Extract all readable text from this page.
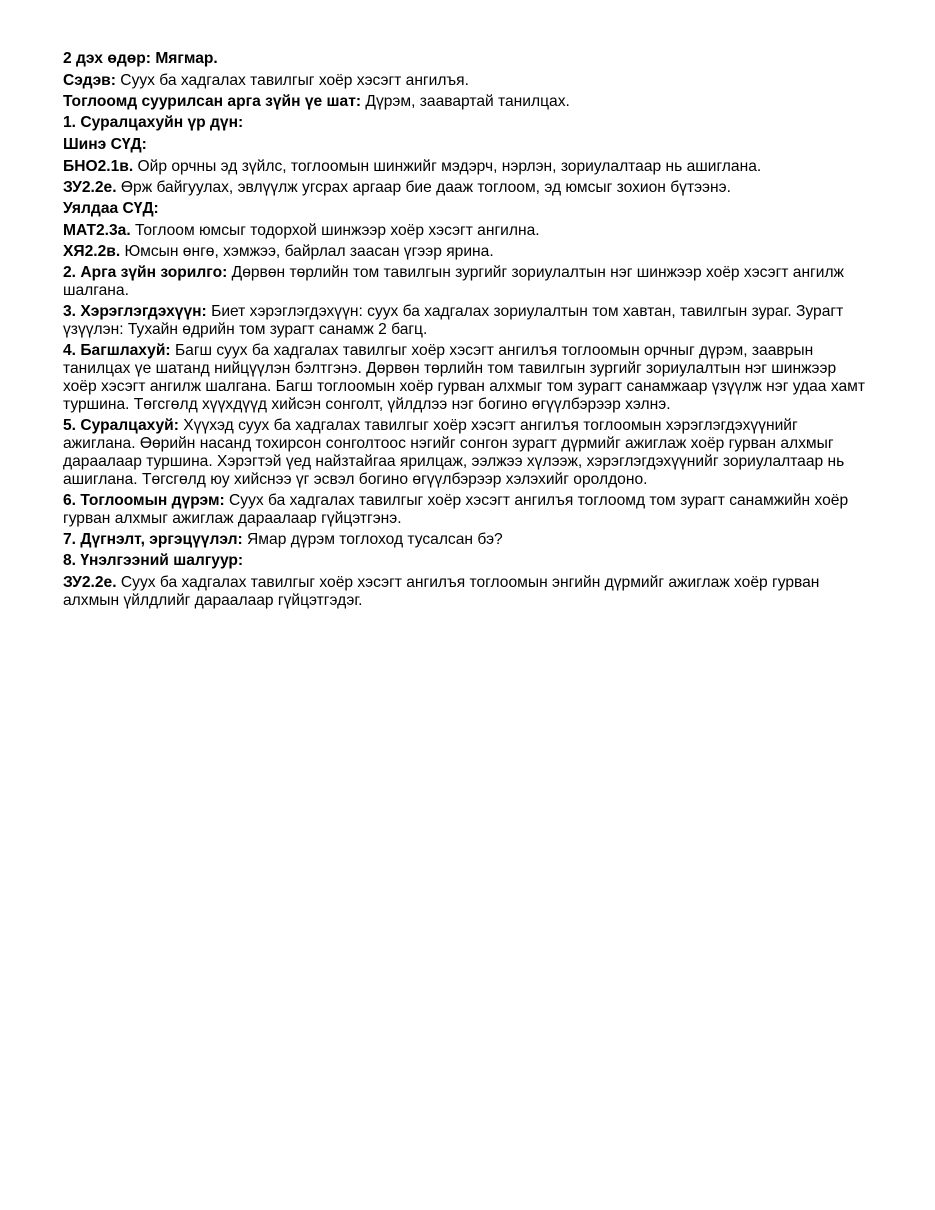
2 дэх өдөр: Мягмар.

Сэдэв: Суух ба хадгалах тавилгыг хоёр хэсэгт ангилъя.

Тоглоомд суурилсан арга зүйн үе шат: Дүрэм, заавартай танилцах.

1. Суралцахуйн үр дүн:

Шинэ СҮД:

БНО2.1в. Ойр орчны эд зүйлс, тоглоомын шинжийг мэдэрч, нэрлэн, зориулалтаар нь ашиглана.

ЗУ2.2е. Өрж байгуулах, эвлүүлж угсрах аргаар бие дааж тоглоом, эд юмсыг зохион бүтээнэ.

Уялдаа СҮД:

МАТ2.3а. Тоглоом юмсыг тодорхой шинжээр хоёр хэсэгт ангилна.

ХЯ2.2в. Юмсын өнгө, хэмжээ, байрлал заасан үгээр ярина.

2. Арга зүйн зорилго: Дөрвөн төрлийн том тавилгын зургийг зориулалтын нэг шинжээр хоёр хэсэгт ангилж шалгана.

3. Хэрэглэгдэхүүн: Биет хэрэглэгдэхүүн: суух ба хадгалах зориулалтын том хавтан, тавилгын зураг. Зурагт үзүүлэн: Тухайн өдрийн том зурагт санамж 2 багц.

4. Багшлахуй: Багш суух ба хадгалах тавилгыг хоёр хэсэгт ангилъя тоглоомын орчныг дүрэм, зааврын танилцах үе шатанд нийцүүлэн бэлтгэнэ. Дөрвөн төрлийн том тавилгын зургийг зориулалтын нэг шинжээр хоёр хэсэгт ангилж шалгана. Багш тоглоомын хоёр гурван алхмыг том зурагт санамжаар үзүүлж нэг удаа хамт туршина. Төгсгөлд хүүхдүүд хийсэн сонголт, үйлдлээ нэг богино өгүүлбэрээр хэлнэ.

5. Суралцахуй: Хүүхэд суух ба хадгалах тавилгыг хоёр хэсэгт ангилъя тоглоомын хэрэглэгдэхүүнийг ажиглана. Өөрийн насанд тохирсон сонголтоос нэгийг сонгон зурагт дүрмийг ажиглаж хоёр гурван алхмыг дараалаар туршина. Хэрэгтэй үед найзтайгаа ярилцаж, ээлжээ хүлээж, хэрэглэгдэхүүнийг зориулалтаар нь ашиглана. Төгсгөлд юу хийснээ үг эсвэл богино өгүүлбэрээр хэлэхийг оролдоно.

6. Тоглоомын дүрэм: Суух ба хадгалах тавилгыг хоёр хэсэгт ангилъя тоглоомд том зурагт санамжийн хоёр гурван алхмыг ажиглаж дараалаар гүйцэтгэнэ.

7. Дүгнэлт, эргэцүүлэл: Ямар дүрэм тоглоход тусалсан бэ?

8. Үнэлгээний шалгуур:

ЗУ2.2е. Суух ба хадгалах тавилгыг хоёр хэсэгт ангилъя тоглоомын энгийн дүрмийг ажиглаж хоёр гурван алхмын үйлдлийг дараалаар гүйцэтгэдэг.
